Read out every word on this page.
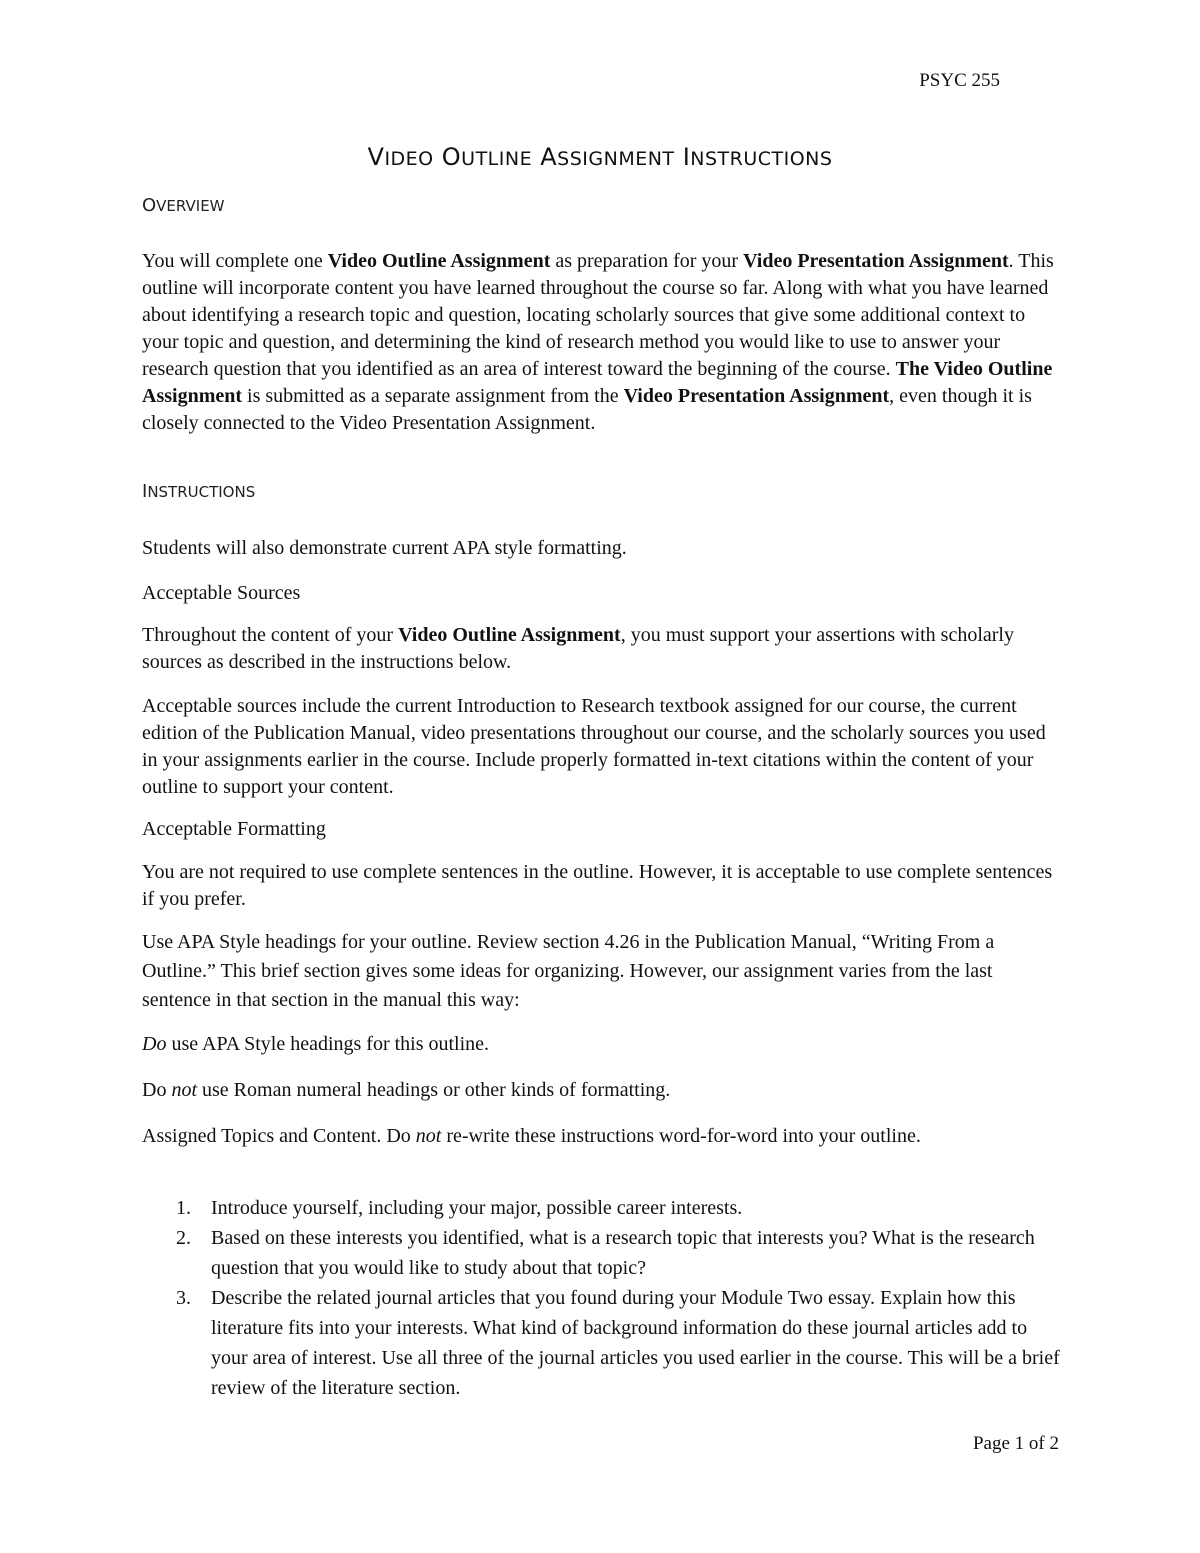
PSYC 255
VIDEO OUTLINE ASSIGNMENT INSTRUCTIONS
OVERVIEW
You will complete one Video Outline Assignment as preparation for your Video Presentation Assignment. This outline will incorporate content you have learned throughout the course so far. Along with what you have learned about identifying a research topic and question, locating scholarly sources that give some additional context to your topic and question, and determining the kind of research method you would like to use to answer your research question that you identified as an area of interest toward the beginning of the course. The Video Outline Assignment is submitted as a separate assignment from the Video Presentation Assignment, even though it is closely connected to the Video Presentation Assignment.
INSTRUCTIONS
Students will also demonstrate current APA style formatting.
Acceptable Sources
Throughout the content of your Video Outline Assignment, you must support your assertions with scholarly sources as described in the instructions below.
Acceptable sources include the current Introduction to Research textbook assigned for our course, the current edition of the Publication Manual, video presentations throughout our course, and the scholarly sources you used in your assignments earlier in the course. Include properly formatted in-text citations within the content of your outline to support your content.
Acceptable Formatting
You are not required to use complete sentences in the outline. However, it is acceptable to use complete sentences if you prefer.
Use APA Style headings for your outline. Review section 4.26 in the Publication Manual, “Writing From a Outline.” This brief section gives some ideas for organizing. However, our assignment varies from the last sentence in that section in the manual this way:
Do use APA Style headings for this outline.
Do not use Roman numeral headings or other kinds of formatting.
Assigned Topics and Content. Do not re-write these instructions word-for-word into your outline.
1. Introduce yourself, including your major, possible career interests.
2. Based on these interests you identified, what is a research topic that interests you? What is the research question that you would like to study about that topic?
3. Describe the related journal articles that you found during your Module Two essay. Explain how this literature fits into your interests. What kind of background information do these journal articles add to your area of interest. Use all three of the journal articles you used earlier in the course. This will be a brief review of the literature section.
Page 1 of 2
